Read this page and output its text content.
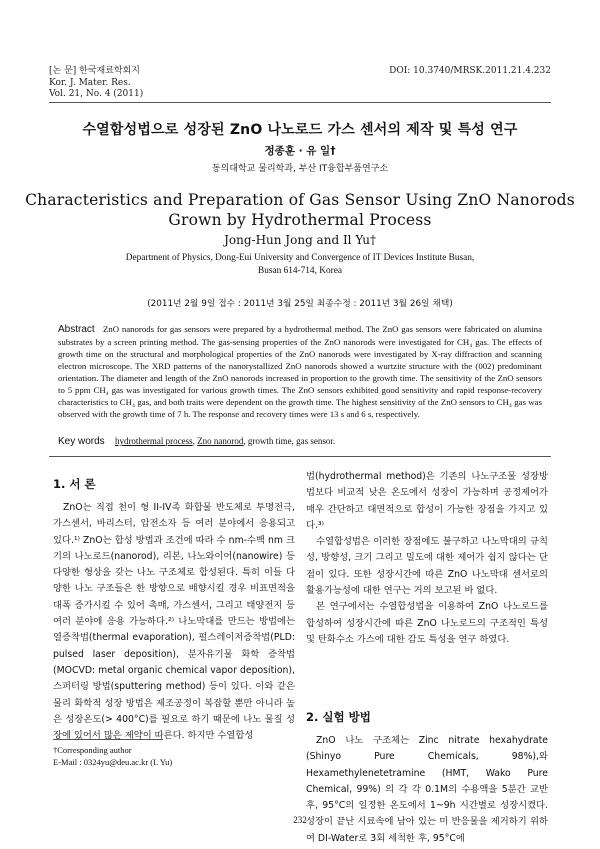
[논 문] 한국재료학회지
Kor. J. Mater. Res.
Vol. 21, No. 4 (2011)
DOI: 10.3740/MRSK.2011.21.4.232
수열합성법으로 성장된 ZnO 나노로드 가스 센서의 제작 및 특성 연구
정종훈 · 유 일†
동의대학교 물리학과, 부산 IT융합부품연구소
Characteristics and Preparation of Gas Sensor Using ZnO Nanorods
Grown by Hydrothermal Process
Jong-Hun Jong and Il Yu†
Department of Physics, Dong-Eui University and Convergence of IT Devices Institute Busan,
Busan 614-714, Korea
(2011년 2월 9일 접수 : 2011년 3월 25일 최종수정 : 2011년 3월 26일 채택)
Abstract ZnO nanorods for gas sensors were prepared by a hydrothermal method. The ZnO gas sensors were fabricated on alumina substrates by a screen printing method. The gas-sensing properties of the ZnO nanorods were investigated for CH₄ gas. The effects of growth time on the structural and morphological properties of the ZnO nanorods were investigated by X-ray diffraction and scanning electron microscope. The XRD patterns of the nanorystallized ZnO nanorods showed a wurtzite structure with the (002) predominant orientation. The diameter and length of the ZnO nanorods increased in proportion to the growth time. The sensitivity of the ZnO sensors to 5 ppm CH₄ gas was investigated for various growth times. The ZnO sensors exhibited good sensitivity and rapid response-recovery characteristics to CH₄ gas, and both traits were dependent on the growth time. The highest sensitivity of the ZnO sensors to CH₄ gas was observed with the growth time of 7 h. The response and recovery times were 13 s and 6 s, respectively.
Key words hydrothermal process, Zno nanorod, growth time, gas sensor.
1. 서 론

ZnO는 직접 천이 형 II-IV족 화합물 반도체로 투명전극, 가스센서, 바리스터, 압전소자 등 여러 분야에서 응용되고 있다.¹⁾ ZnO는 합성 방법과 조건에 따라 수 nm-수백 nm 크기의 나노로드(nanorod), 리본, 나노와이어(nanowire) 등 다양한 형상을 갖는 나노 구조체로 합성된다. 특히 이들 다양한 나노 구조들은 한 방향으로 배향시킬 경우 비표면적을 대폭 증가시킬 수 있어 촉매, 가스센서, 그리고 태양전지 등 여러 분야에 응용 가능하다.²⁾ 나노막대를 만드는 방법에는 열증착법(thermal evaporation), 펄스레이저증착법(PLD: pulsed laser deposition), 분자유기물 화학 증착법(MOCVD: metal organic chemical vapor deposition), 스퍼터링 방법(sputtering method) 등이 있다. 이와 같은 물리 화학적 성장 방법은 제조공정이 복잡할 뿐만 아니라 높은 성장온도(> 400°C)를 필요로 하기 때문에 나노 물질 성장에 있어서 많은 제약이 따른다. 하지만 수열합성

†Corresponding author
E-Mail : 0324yu@deu.ac.kr (I. Yu)

법(hydrothermal method)은 기존의 나노구조물 성장방법보다 비교적 낮은 온도에서 성장이 가능하며 공정제어가 매우 간단하고 대면적으로 합성이 가능한 장점을 가지고 있다.³⁾

수열합성법은 이러한 장점에도 불구하고 나노막대의 규칙성, 방향성, 크기 그리고 밀도에 대한 제어가 쉽지 않다는 단점이 있다. 또한 성장시간에 따른 ZnO 나노막대 센서로의 활용가능성에 대한 연구는 거의 보고된 바 없다.

본 연구에서는 수열합성법을 이용하여 ZnO 나노로드를 합성하여 성장시간에 따른 ZnO 나노로드의 구조적인 특성 및 탄화수소 가스에 대한 감도 특성을 연구 하였다.

2. 실험 방법

ZnO 나노 구조체는 Zinc nitrate hexahydrate (Shinyo Pure Chemicals, 98%),와 Hexamethylenetetramine (HMT, Wako Pure Chemical, 99%) 의 각 각 0.1M의 수용액을 5분간 교반 후, 95°C의 일정한 온도에서 1~9h 시간별로 성장시켰다. 성장이 끝난 시료속에 남아 있는 미 반응물을 제거하기 위하여 DI-Water로 3회 세척한 후, 95°C에

232
